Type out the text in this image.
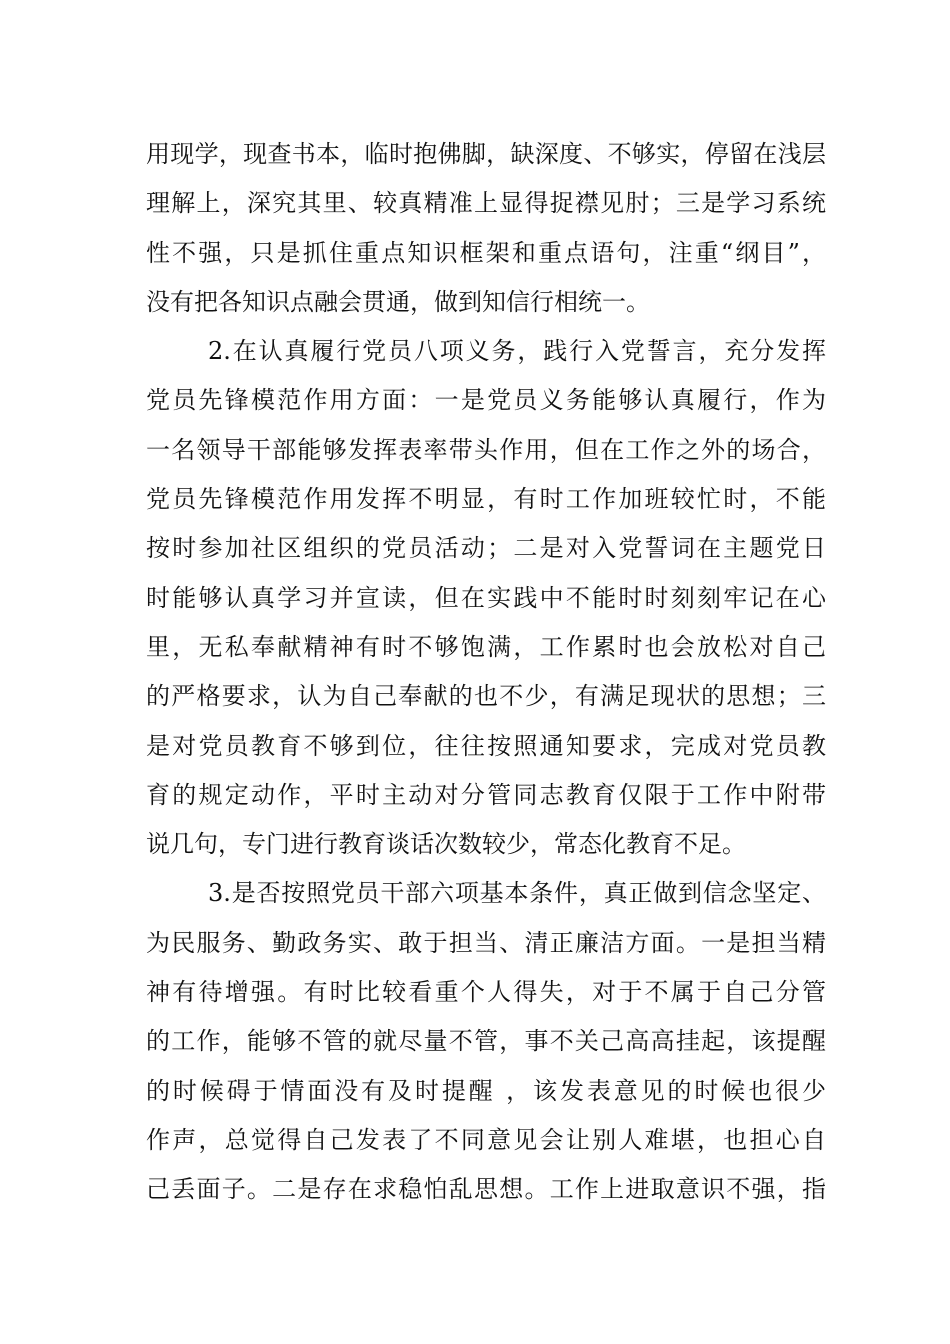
用现学，现查书本，临时抱佛脚，缺深度、不够实，停留在浅层
理解上，深究其里、较真精准上显得捉襟见肘；三是学习系统
性不强，只是抓住重点知识框架和重点语句，注重“纲目”，
没有把各知识点融会贯通，做到知信行相统一。
2.在认真履行党员八项义务，践行入党誓言，充分发挥
党员先锋模范作用方面：一是党员义务能够认真履行，作为
一名领导干部能够发挥表率带头作用，但在工作之外的场合，
党员先锋模范作用发挥不明显，有时工作加班较忙时，不能
按时参加社区组织的党员活动；二是对入党誓词在主题党日
时能够认真学习并宣读，但在实践中不能时时刻刻牢记在心
里，无私奉献精神有时不够饱满，工作累时也会放松对自己
的严格要求，认为自己奉献的也不少，有满足现状的思想；三
是对党员教育不够到位，往往按照通知要求，完成对党员教
育的规定动作，平时主动对分管同志教育仅限于工作中附带
说几句，专门进行教育谈话次数较少，常态化教育不足。
3.是否按照党员干部六项基本条件，真正做到信念坚定、
为民服务、勤政务实、敢于担当、清正廉洁方面。一是担当精
神有待增强。有时比较看重个人得失，对于不属于自己分管
的工作，能够不管的就尽量不管，事不关己高高挂起，该提醒
的时候碍于情面没有及时提醒 ，该发表意见的时候也很少
作声，总觉得自己发表了不同意见会让别人难堪，也担心自
己丢面子。二是存在求稳怕乱思想。工作上进取意识不强，指
